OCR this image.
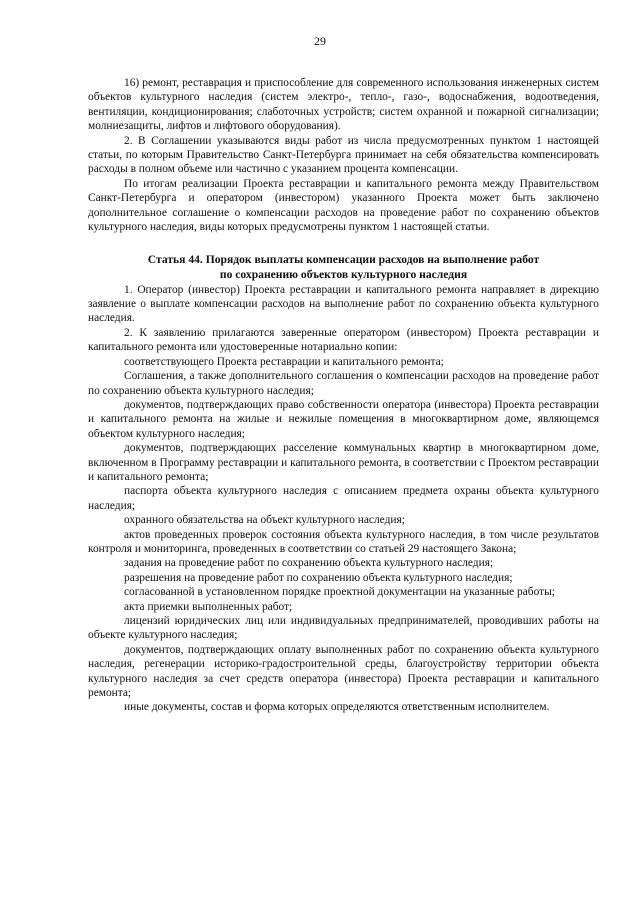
29

16) ремонт, реставрация и приспособление для современного использования инженерных систем объектов культурного наследия (систем электро-, тепло-, газо-, водоснабжения, водоотведения, вентиляции, кондиционирования; слаботочных устройств; систем охранной и пожарной сигнализации; молниезащиты, лифтов и лифтового оборудования).

2. В Соглашении указываются виды работ из числа предусмотренных пунктом 1 настоящей статьи, по которым Правительство Санкт-Петербурга принимает на себя обязательства компенсировать расходы в полном объеме или частично с указанием процента компенсации.

По итогам реализации Проекта реставрации и капитального ремонта между Правительством Санкт-Петербурга и оператором (инвестором) указанного Проекта может быть заключено дополнительное соглашение о компенсации расходов на проведение работ по сохранению объектов культурного наследия, виды которых предусмотрены пунктом 1 настоящей статьи.

Статья 44. Порядок выплаты компенсации расходов на выполнение работ
по сохранению объектов культурного наследия

1. Оператор (инвестор) Проекта реставрации и капитального ремонта направляет в дирекцию заявление о выплате компенсации расходов на выполнение работ по сохранению объекта культурного наследия.

2. К заявлению прилагаются заверенные оператором (инвестором) Проекта реставрации и капитального ремонта или удостоверенные нотариально копии:

соответствующего Проекта реставрации и капитального ремонта;

Соглашения, а также дополнительного соглашения о компенсации расходов на проведение работ по сохранению объекта культурного наследия;

документов, подтверждающих право собственности оператора (инвестора) Проекта реставрации и капитального ремонта на жилые и нежилые помещения в многоквартирном доме, являющемся объектом культурного наследия;

документов, подтверждающих расселение коммунальных квартир в многоквартирном доме, включенном в Программу реставрации и капитального ремонта, в соответствии с Проектом реставрации и капитального ремонта;

паспорта объекта культурного наследия с описанием предмета охраны объекта культурного наследия;

охранного обязательства на объект культурного наследия;

актов проведенных проверок состояния объекта культурного наследия, в том числе результатов контроля и мониторинга, проведенных в соответствии со статьей 29 настоящего Закона;

задания на проведение работ по сохранению объекта культурного наследия;

разрешения на проведение работ по сохранению объекта культурного наследия;

согласованной в установленном порядке проектной документации на указанные работы;

акта приемки выполненных работ;

лицензий юридических лиц или индивидуальных предпринимателей, проводивших работы на объекте культурного наследия;

документов, подтверждающих оплату выполненных работ по сохранению объекта культурного наследия, регенерации историко-градостроительной среды, благоустройству территории объекта культурного наследия за счет средств оператора (инвестора) Проекта реставрации и капитального ремонта;

иные документы, состав и форма которых определяются ответственным исполнителем.
